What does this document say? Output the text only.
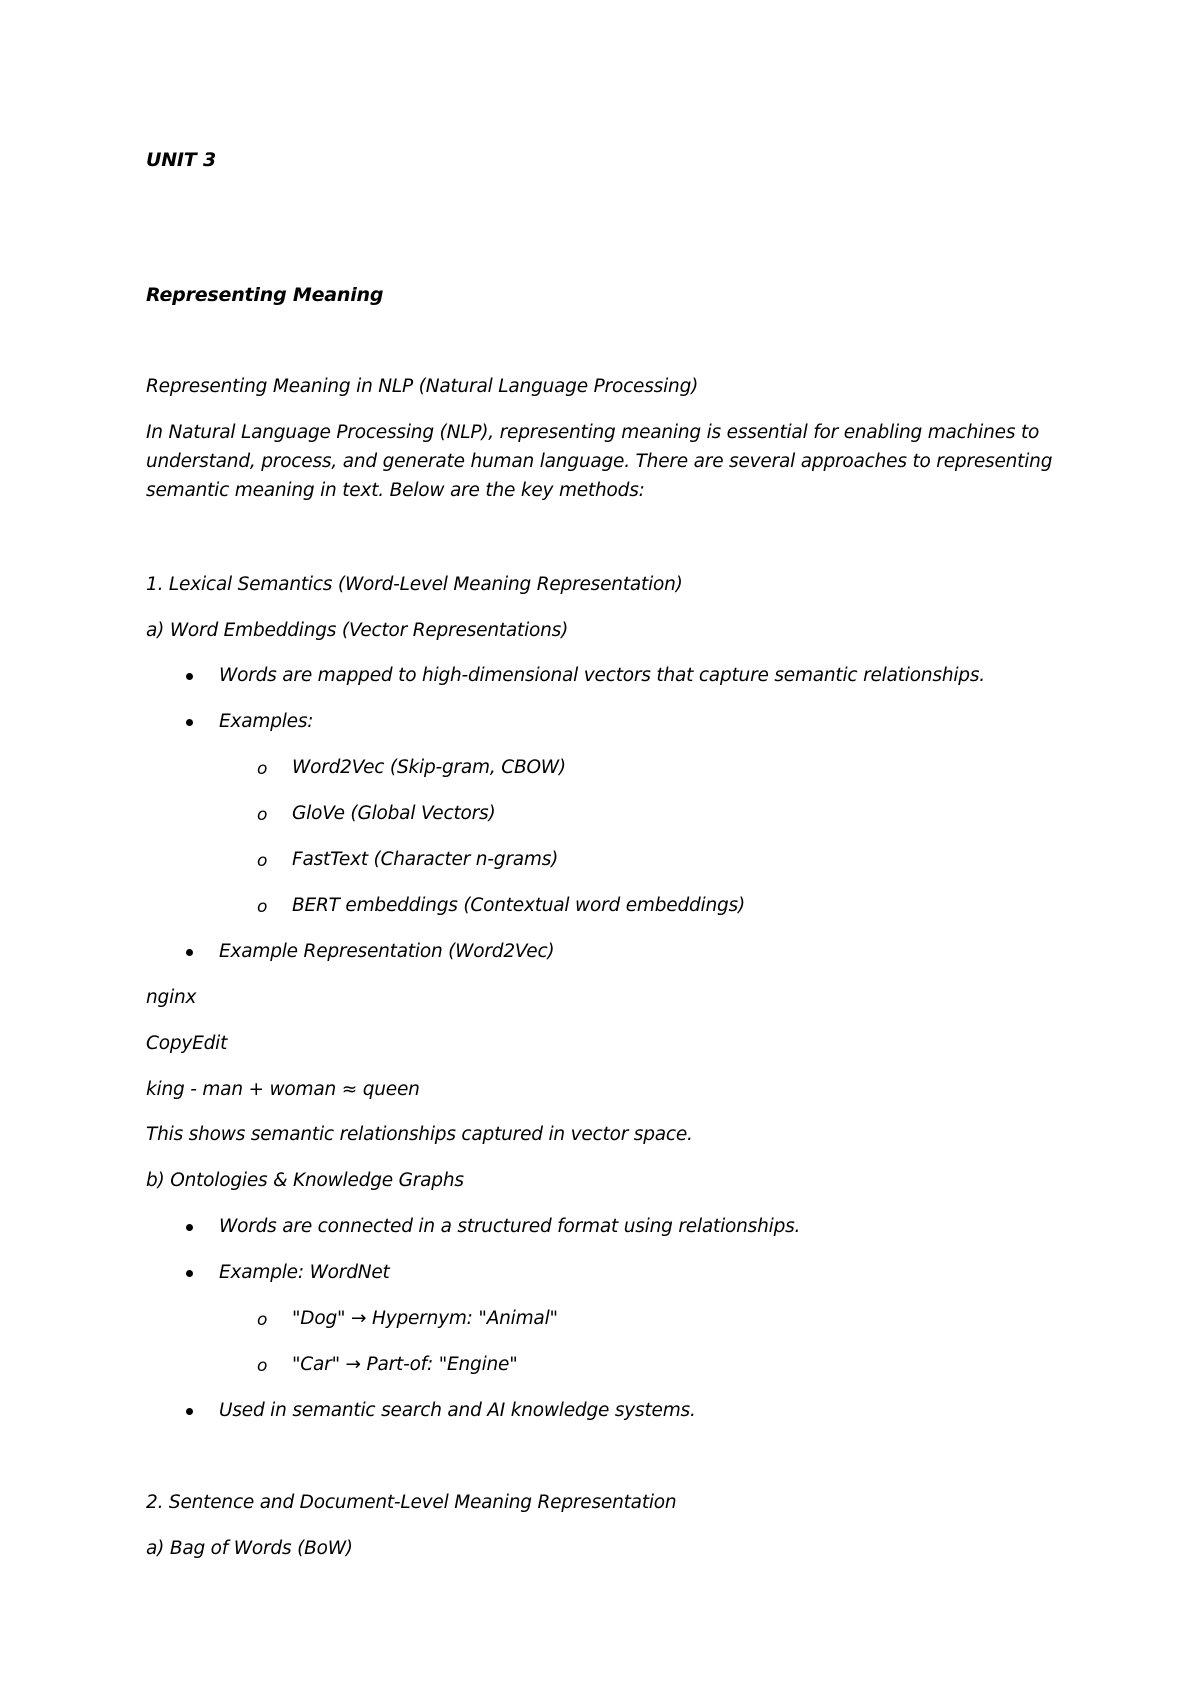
UNIT 3
Representing Meaning
Representing Meaning in NLP (Natural Language Processing)
In Natural Language Processing (NLP), representing meaning is essential for enabling machines to
understand, process, and generate human language. There are several approaches to representing
semantic meaning in text. Below are the key methods:
1. Lexical Semantics (Word-Level Meaning Representation)
a) Word Embeddings (Vector Representations)
Words are mapped to high-dimensional vectors that capture semantic relationships.
Examples:
o Word2Vec (Skip-gram, CBOW)
o GloVe (Global Vectors)
o FastText (Character n-grams)
o BERT embeddings (Contextual word embeddings)
Example Representation (Word2Vec)
nginx
CopyEdit
king - man + woman ≈ queen
This shows semantic relationships captured in vector space.
b) Ontologies & Knowledge Graphs
Words are connected in a structured format using relationships.
Example: WordNet
o "Dog" → Hypernym: "Animal"
o "Car" → Part-of: "Engine"
Used in semantic search and AI knowledge systems.
2. Sentence and Document-Level Meaning Representation
a) Bag of Words (BoW)
